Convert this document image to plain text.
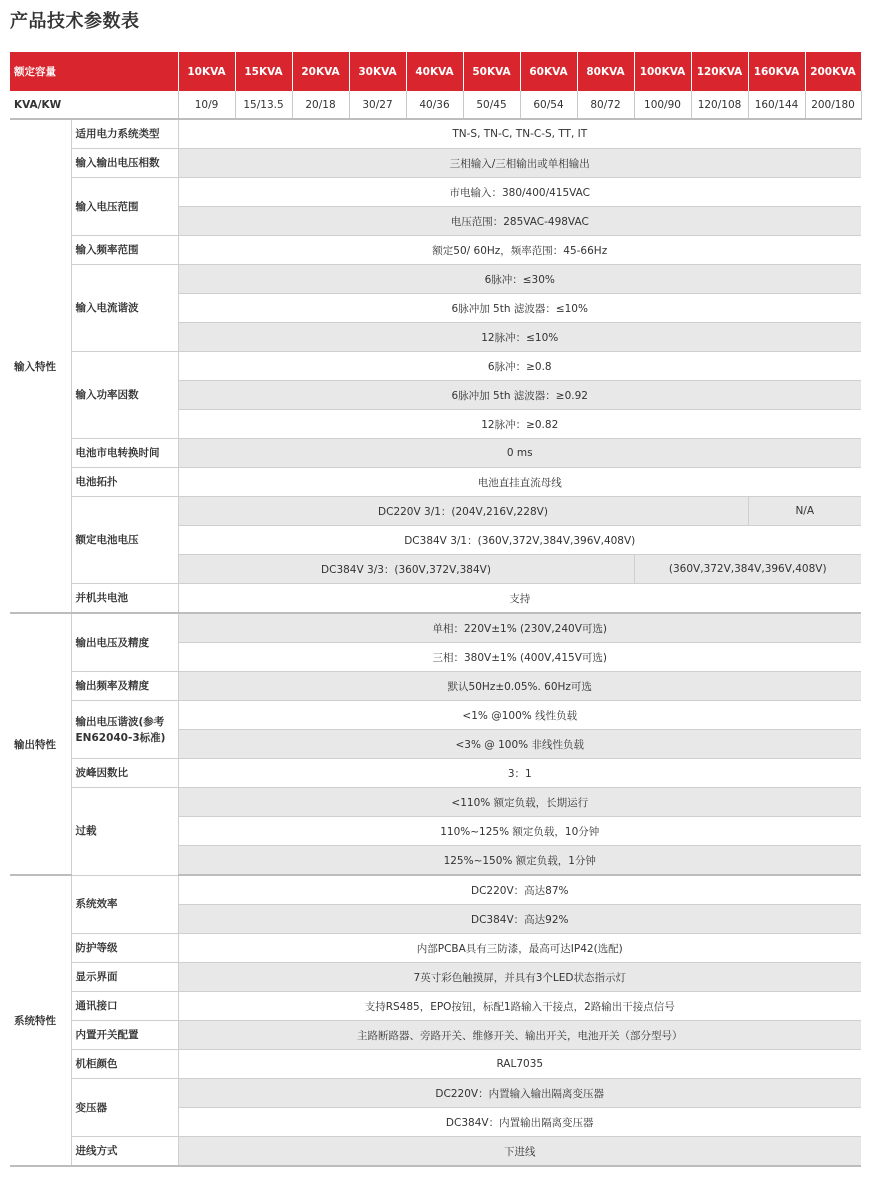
产品技术参数表
额定容量		10KVA	15KVA	20KVA	30KVA	40KVA	50KVA	60KVA	80KVA	100KVA	120KVA	160KVA	200KVA
KVA/KW		10/9	15/13.5	20/18	30/27	40/36	50/45	60/54	80/72	100/90	120/108	160/144	200/180
输入特性	适用电力系统类型	TN-S, TN-C, TN-C-S, TT, IT											
	输入输出电压相数	三相输入/三相输出或单相输出											
	输入电压范围	市电输入：380/400/415VAC											
		电压范围：285VAC-498VAC											
	输入频率范围	额定50/ 60Hz，频率范围：45-66Hz											
	输入电流谐波	6脉冲：≤30%											
		6脉冲加 5th 滤波器：≤10%											
		12脉冲：≤10%											
	输入功率因数	6脉冲：≥0.8											
		6脉冲加 5th 滤波器：≥0.92											
		12脉冲：≥0.82											
	电池市电转换时间	0 ms											
	电池拓扑	电池直挂直流母线											
	额定电池电压	DC220V 3/1：(204V,216V,228V)										N/A	
		DC384V 3/1：(360V,372V,384V,396V,408V)											
		DC384V 3/3：(360V,372V,384V)								(360V,372V,384V,396V,408V)			
	并机共电池	支持											
输出特性	输出电压及精度	单相：220V±1% (230V,240V可选)											
		三相：380V±1% (400V,415V可选)											
	输出频率及精度	默认50Hz±0.05%. 60Hz可选											
	输出电压谐波(参考EN62040-3标准)	<1% @100% 线性负载											
		<3% @ 100% 非线性负载											
	波峰因数比	3：1											
	过载	<110% 额定负载，长期运行											
		110%~125% 额定负载，10分钟											
		125%~150% 额定负载，1分钟											
系统特性	系统效率	DC220V：高达87%											
		DC384V：高达92%											
	防护等级	内部PCBA具有三防漆，最高可达IP42(选配)											
	显示界面	7英寸彩色触摸屏，并具有3个LED状态指示灯											
	通讯接口	支持RS485，EPO按钮，标配1路输入干接点，2路输出干接点信号											
	内置开关配置	主路断路器、旁路开关、维修开关、输出开关，电池开关（部分型号）											
	机柜颜色	RAL7035											
	变压器	DC220V：内置输入输出隔离变压器											
		DC384V：内置输出隔离变压器											
	进线方式	下进线											
